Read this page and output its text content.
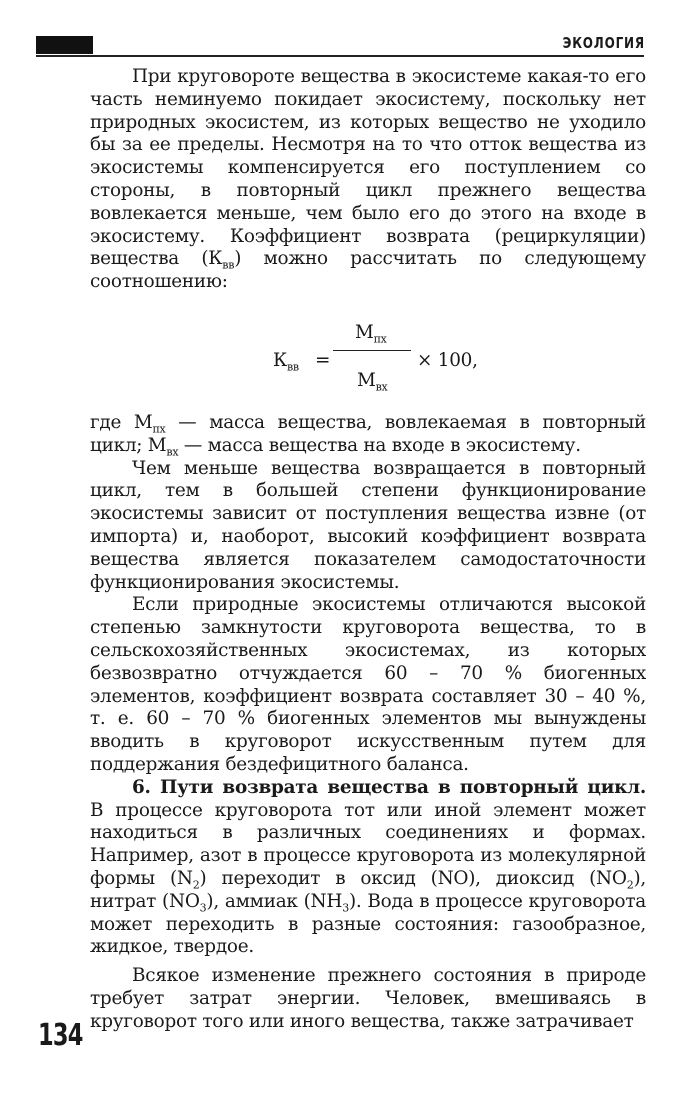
ЭКОЛОГИЯ

При круговороте вещества в экосистеме какая-то его часть неминуемо покидает экосистему, поскольку нет природных экосистем, из которых вещество не уходило бы за ее пределы. Несмотря на то что отток вещества из экосистемы компенсируется его поступлением со стороны, в повторный цикл прежнего вещества вовлекается меньше, чем было его до этого на входе в экосистему. Коэффициент возврата (рециркуляции) вещества $(К_{вв})$ можно рассчитать по следующему соотношению:

$К_{вв}$ =
$М_{пх}$
$М_{вх}$
× 100,

где $М_{пх}$ — масса вещества, вовлекаемая в повторный цикл; $М_{вх}$ — масса вещества на входе в экосистему.

Чем меньше вещества возвращается в повторный цикл, тем в большей степени функционирование экосистемы зависит от поступления вещества извне (от импорта) и, наоборот, высокий коэффициент возврата вещества является показателем самодостаточности функционирования экосистемы.

Если природные экосистемы отличаются высокой степенью замкнутости круговорота вещества, то в сельскохозяйственных экосистемах, из которых безвозвратно отчуждается 60 – 70 % биогенных элементов, коэффициент возврата составляет 30 – 40 %, т. е. 60 – 70 % биогенных элементов мы вынуждены вводить в круговорот искусственным путем для поддержания бездефицитного баланса.

6. Пути возврата вещества в повторный цикл. В процессе круговорота тот или иной элемент может находиться в различных соединениях и формах. Например, азот в процессе круговорота из молекулярной формы $(N_2)$ переходит в оксид (NO), диоксид $(NO_2)$, нитрат $(NO_3)$, аммиак $(NH_3)$. Вода в процессе круговорота может переходить в разные состояния: газообразное, жидкое, твердое.

Всякое изменение прежнего состояния в природе требует затрат энергии. Человек, вмешиваясь в круговорот того или иного вещества, также затрачивает

134
